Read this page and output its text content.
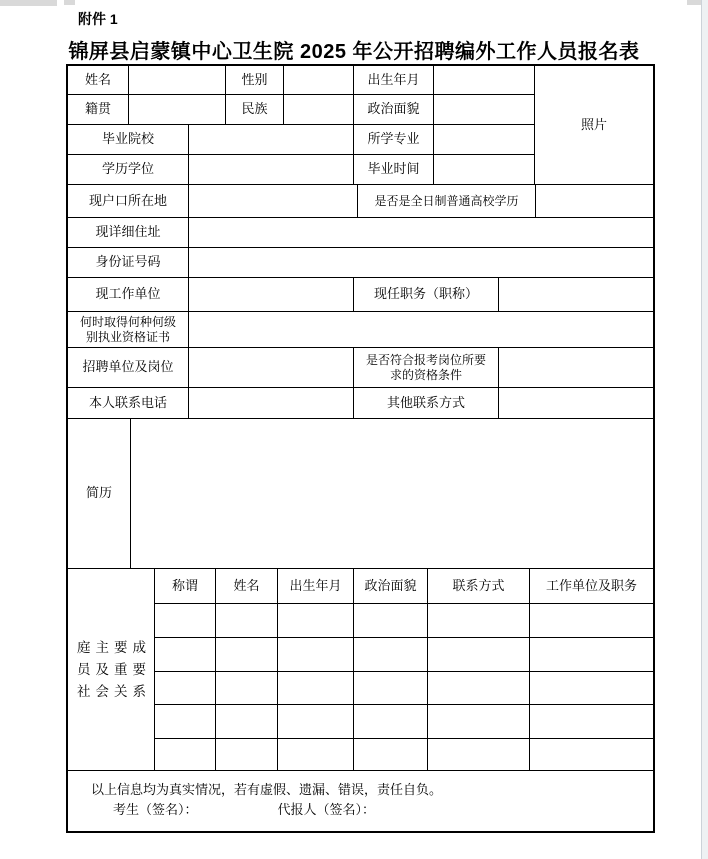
附件 1
锦屏县启蒙镇中心卫生院 2025 年公开招聘编外工作人员报名表
姓名	性别	出生年月
照片
籍贯	民族	政治面貌
毕业院校	所学专业
学历学位	毕业时间
现户口所在地	是否是全日制普通高校学历
现详细住址
身份证号码
现工作单位	现任职务（职称）
何时取得何种何级
别执业资格证书
招聘单位及岗位	是否符合报考岗位所要
求的资格条件
本人联系电话	其他联系方式
简历
庭主要成
员及重要
社会关系
称谓	姓名	出生年月	政治面貌	联系方式	工作单位及职务
以上信息均为真实情况，若有虚假、遗漏、错误，责任自负。
考生（签名）：	代报人（签名）：
